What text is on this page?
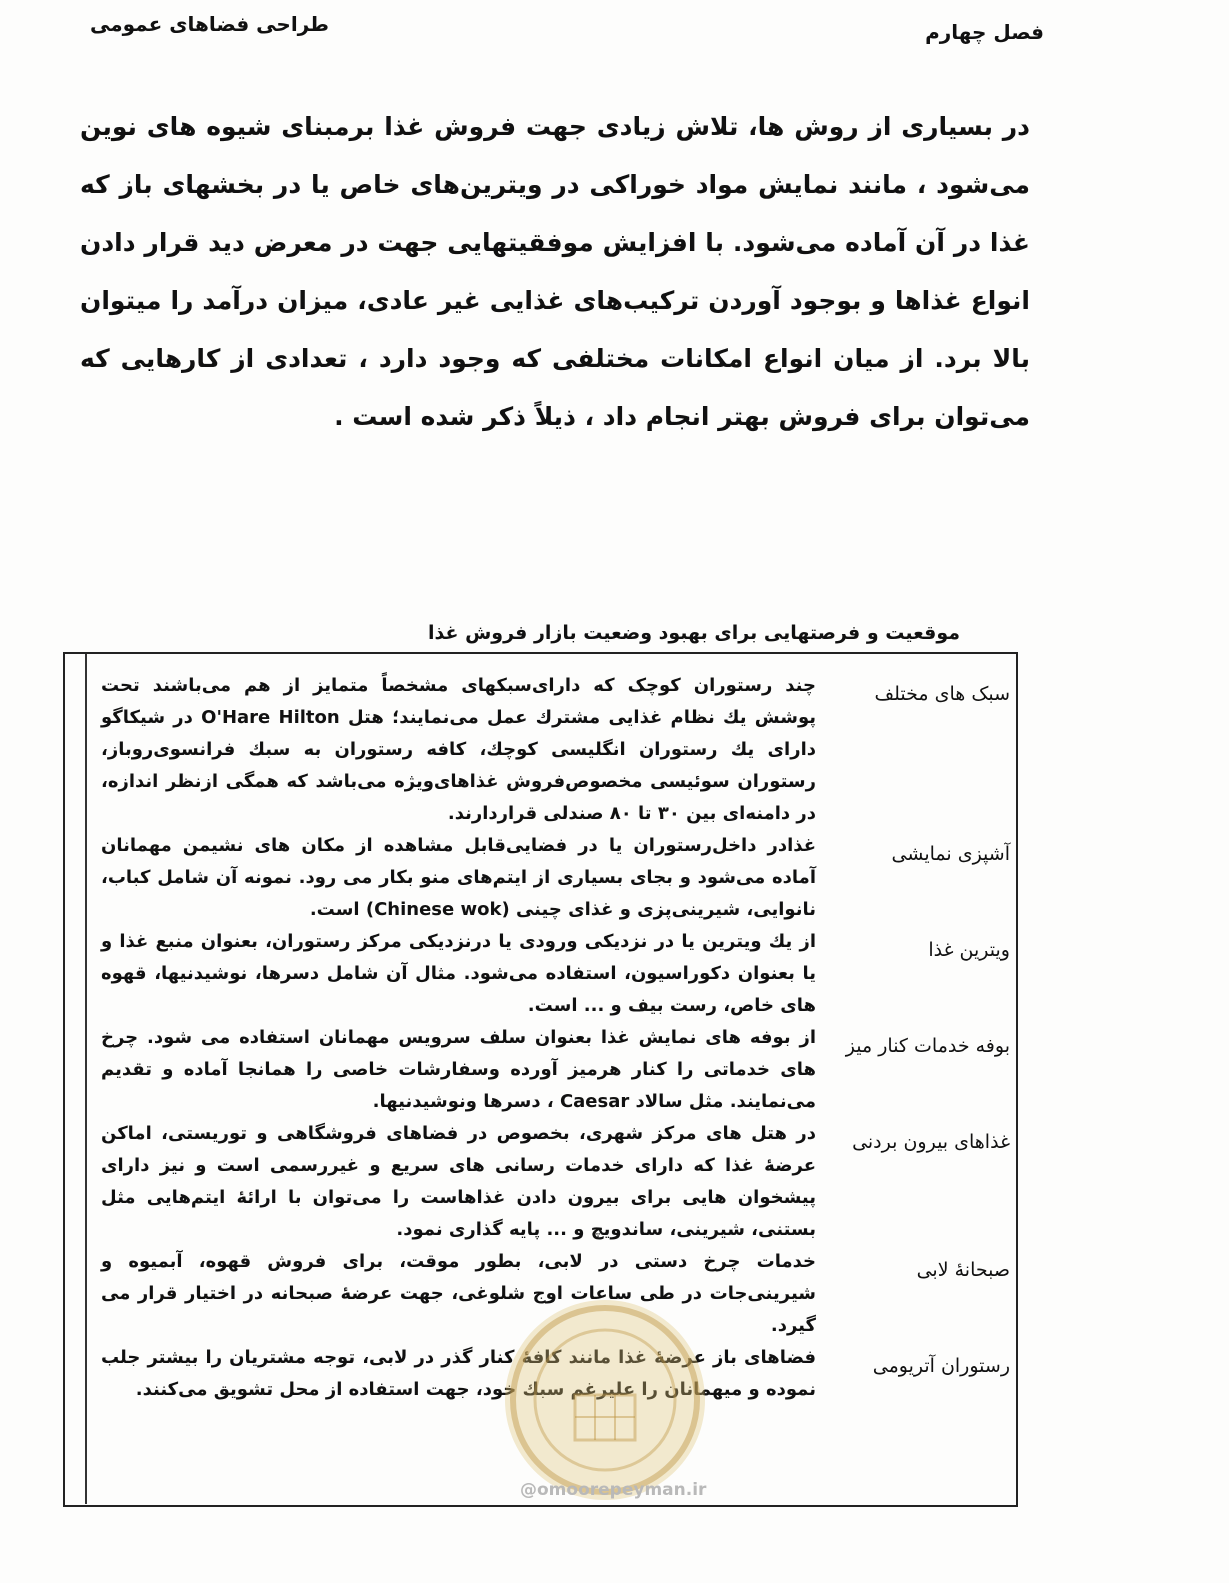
طراحی فضاهای عمومی	فصل چهارم

در بسیاری از روش ها، تلاش زیادی جهت فروش غذا برمبنای شیوه های نوین می‌شود ، مانند نمایش مواد خوراکی در ویترین‌های خاص یا در بخشهای باز که غذا در آن آماده می‌شود. با افزایش موفقیتهایی جهت در معرض دید قرار دادن انواع غذاها و بوجود آوردن ترکیب‌های غذایی غیر عادی، میزان درآمد را میتوان بالا برد. از میان انواع امکانات مختلفی که وجود دارد ، تعدادی از کارهایی که می‌توان برای فروش بهتر انجام داد ، ذیلاً ذکر شده است .

موقعیت و فرصتهایی برای بهبود وضعیت بازار فروش غذا
سبک های مختلف
چند رستوران کوچک که دارای‌سبکهای مشخصاً متمایز از هم می‌باشند تحت پوشش یك نظام غذایی مشترك عمل می‌نمایند؛ هتل O'Hare Hilton در شیکاگو دارای یك رستوران انگلیسی کوچك، کافه رستوران به سبك فرانسوی‌روباز، رستوران سوئیسی مخصوص‌فروش غذاهای‌ویژه می‌باشد که همگی ازنظر اندازه، در دامنه‌ای بین ۳۰ تا ۸۰ صندلی قراردارند.
آشپزی نمایشی
غذادر داخل‌رستوران یا در فضایی‌قابل مشاهده از مکان های نشیمن مهمانان آماده می‌شود و بجای بسیاری از ایتم‌های منو بکار می رود. نمونه آن شامل کباب، نانوایی، شیرینی‌پزی و غذای چینی (Chinese wok) است.
ویترین غذا
از یك ویترین یا در نزدیکی ورودی یا درنزدیکی مرکز رستوران، بعنوان منبع غذا و یا بعنوان دکوراسیون، استفاده می‌شود. مثال آن شامل دسرها، نوشیدنیها، قهوه های خاص، رست بیف و ... است.
بوفه خدمات کنار میز
از بوفه های نمایش غذا بعنوان سلف سرویس مهمانان استفاده می شود. چرخ های خدماتی را کنار هرمیز آورده وسفارشات خاصی را همانجا آماده و تقدیم می‌نمایند. مثل سالاد Caesar ، دسرها ونوشیدنیها.
غذاهای بیرون بردنی
در هتل های مرکز شهری، بخصوص در فضاهای فروشگاهی و توریستی، اماکن عرضهٔ غذا که دارای خدمات رسانی های سریع و غیررسمی است و نیز دارای پیشخوان هایی برای بیرون دادن غذاهاست را می‌توان با ارائهٔ ایتم‌هایی مثل بستنی، شیرینی، ساندویچ و ... پایه گذاری نمود.
صبحانهٔ لابی
خدمات چرخ دستی در لابی، بطور موقت، برای فروش قهوه، آبمیوه و شیرینی‌جات در طی ساعات اوج شلوغی، جهت عرضهٔ صبحانه در اختیار قرار می گیرد.
رستوران آتریومی
فضاهای باز عرضهٔ غذا مانند کافهٔ کنار گذر در لابی، توجه مشتریان را بیشتر جلب نموده و میهمانان را علیرغم سبك خود، جهت استفاده از محل تشویق می‌کنند.
@omoorepeyman.ir
